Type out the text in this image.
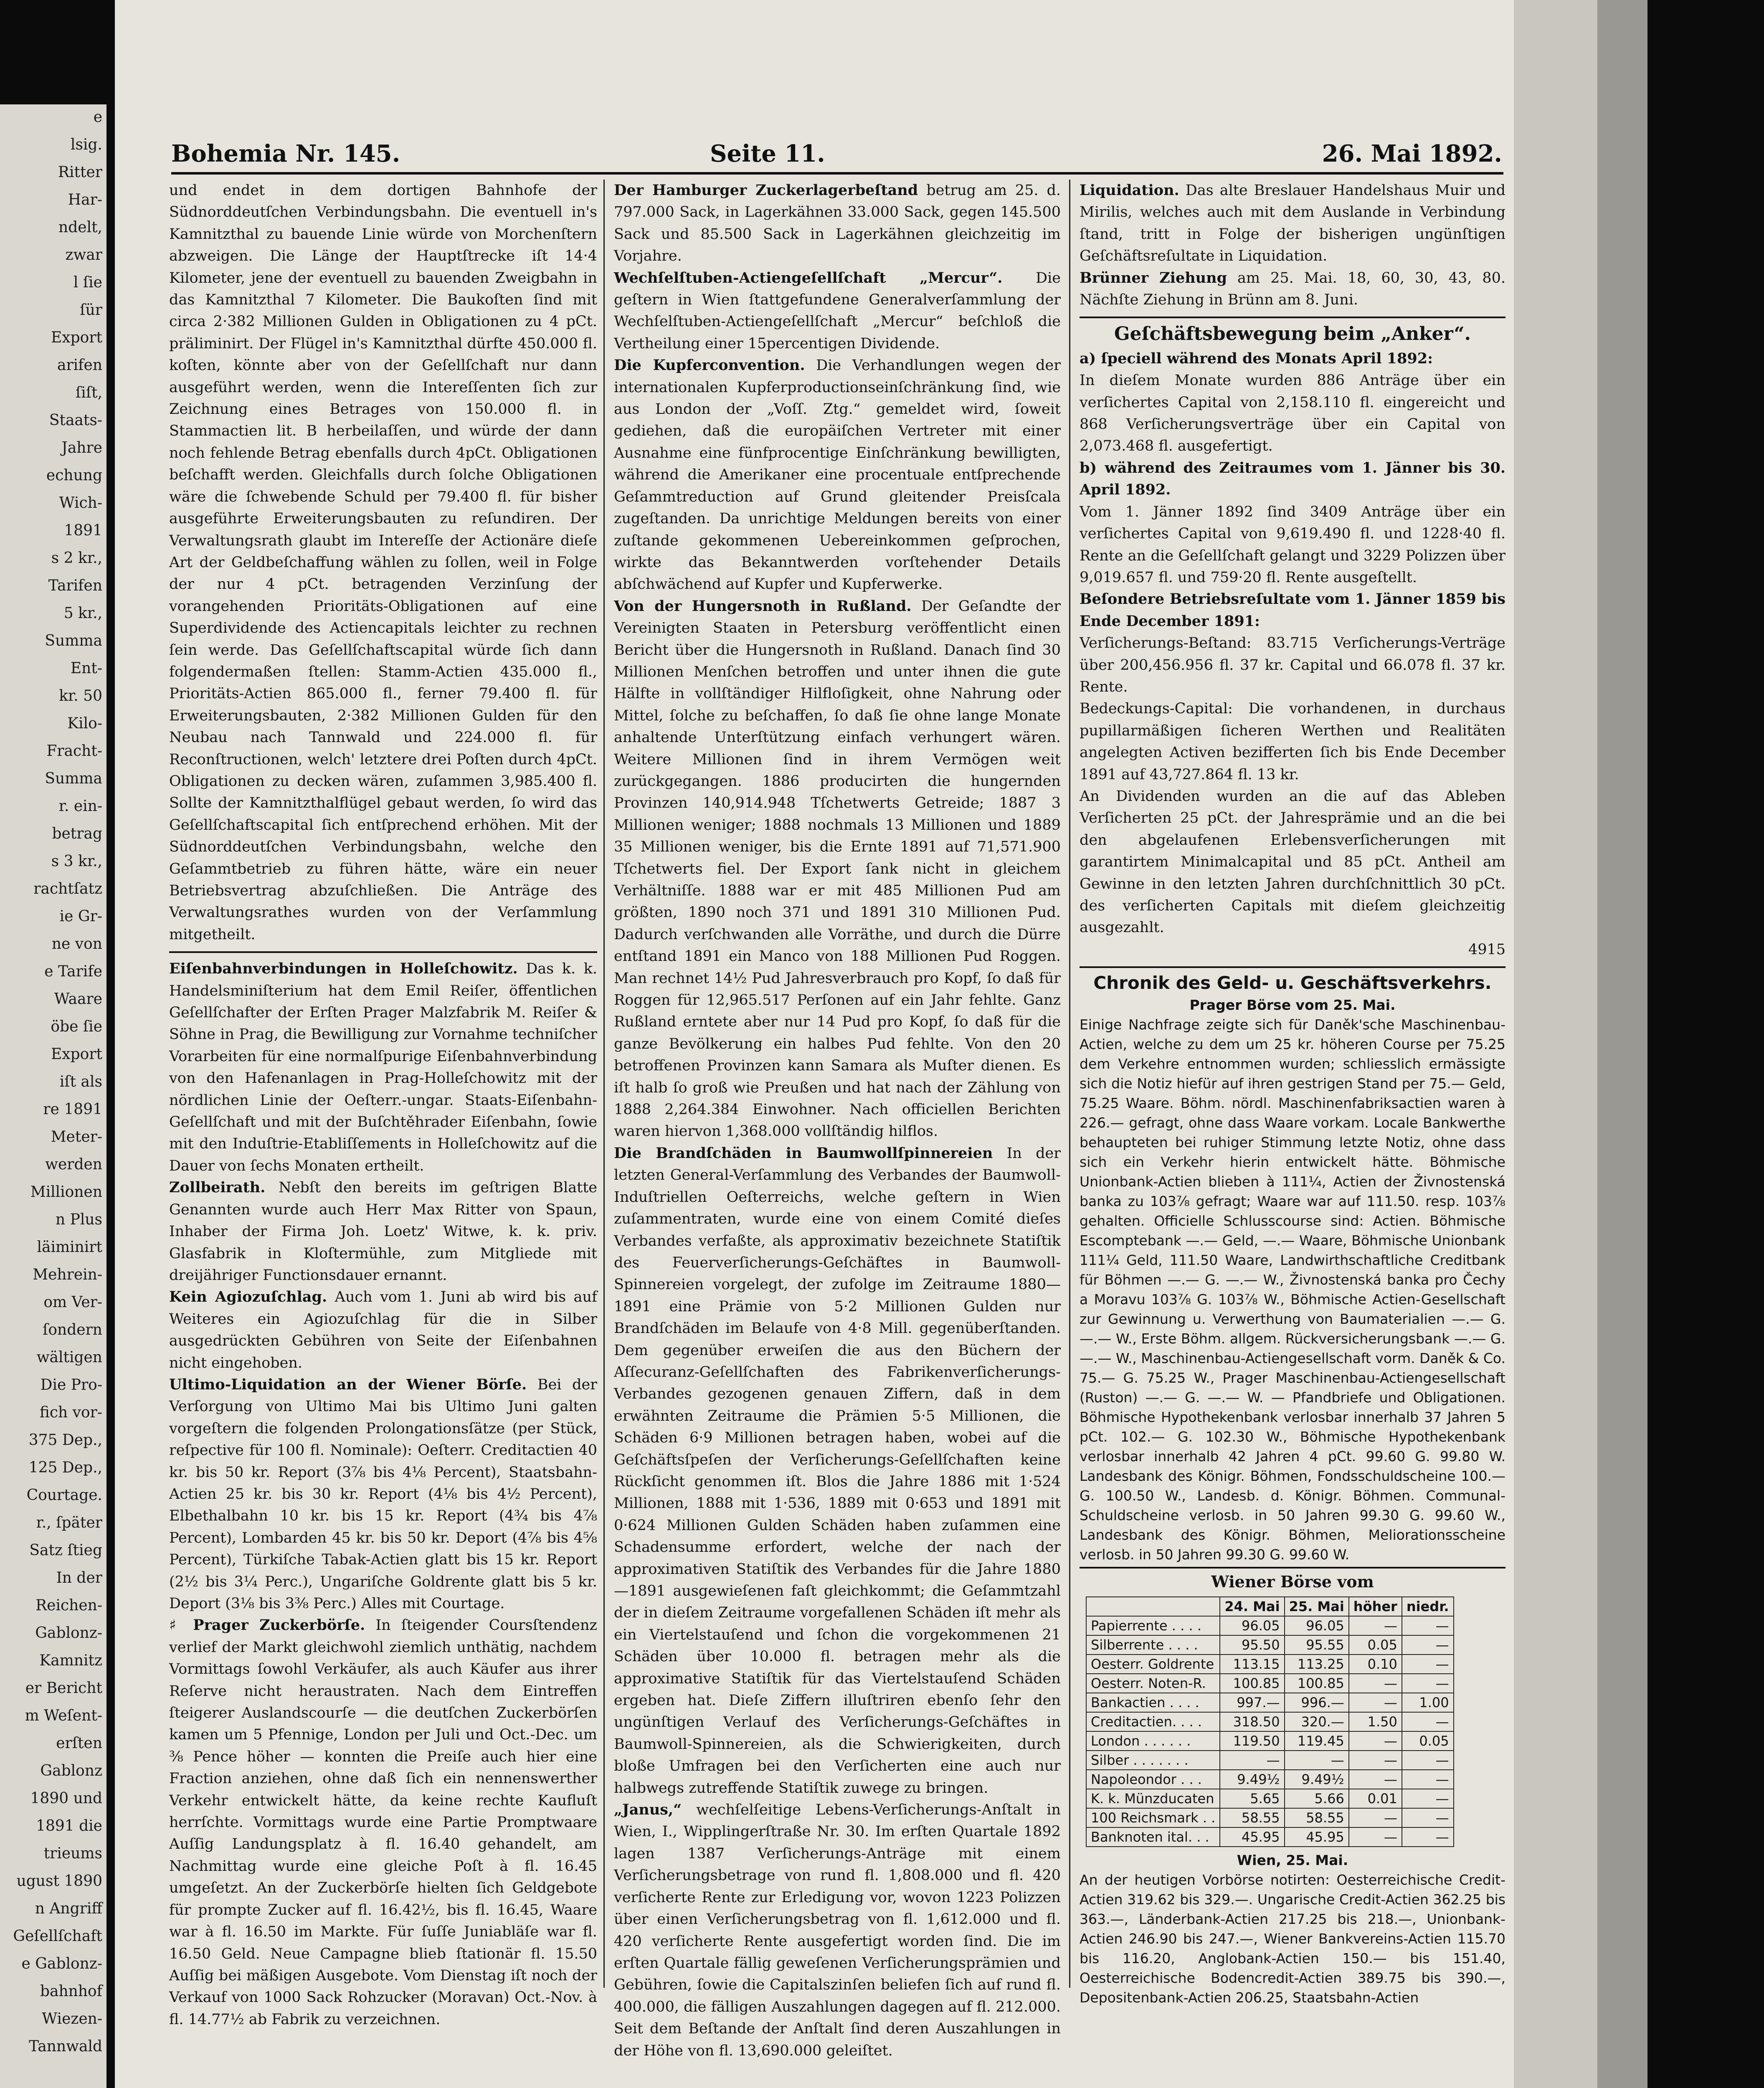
e
lsig.
Ritter
Har-
ndelt,
zwar
l ſie
ſür
Export
arifen
ſiſt,
Staats-
Jahre
echung
Wich-
1891
s 2 kr.,
Tarifen
5 kr.,
Summa
Ent-
kr. 50
Kilo-
Fracht-
Summa
r. ein-
betrag
s 3 kr.,
rachtſatz
ie Gr-
ne von
e Tarife
Waare
öbe ſie
Export
iſt als
re 1891
Meter-
werden
Millionen
n Plus
läiminirt
Mehrein-
om Ver-
ſondern
wältigen
Die Pro-
fich vor-
375 Dep.,
125 Dep.,
Courtage.
r., ſpäter
Satz ſtieg
In der
Reichen-
Gablonz-
Kamnitz
er Bericht
m Weſent-
erſten
Gablonz
1890 und
1891 die
trieums
ugust 1890
n Angriff
Geſellſchaft
e Gablonz-
bahnhof
Wiezen-
Tannwald
Bohemia Nr. 145.	Seite 11.	26. Mai 1892.

und endet in dem dortigen Bahnhofe der Südnorddeutſchen Verbindungsbahn. Die eventuell in's Kamnitzthal zu bauende Linie würde von Morchenſtern abzweigen. Die Länge der Hauptſtrecke iſt 14·4 Kilometer, jene der eventuell zu bauenden Zweigbahn in das Kamnitzthal 7 Kilometer. Die Baukoſten ſind mit circa 2·382 Millionen Gulden in Obligationen zu 4 pCt. präliminirt. Der Flügel in's Kamnitzthal dürfte 450.000 fl. koſten, könnte aber von der Geſellſchaft nur dann ausgeführt werden, wenn die Intereſſenten ſich zur Zeichnung eines Betrages von 150.000 fl. in Stammactien lit. B herbeilaſſen, und würde der dann noch fehlende Betrag ebenfalls durch 4pCt. Obligationen beſchafft werden. Gleichfalls durch ſolche Obligationen wäre die ſchwebende Schuld per 79.400 fl. für bisher ausgeführte Erweiterungsbauten zu reſundiren. Der Verwaltungsrath glaubt im Intereſſe der Actionäre dieſe Art der Geldbeſchaffung wählen zu ſollen, weil in Folge der nur 4 pCt. betragenden Verzinſung der vorangehenden Prioritäts-Obligationen auf eine Superdividende des Actiencapitals leichter zu rechnen ſein werde. Das Geſellſchaftscapital würde ſich dann folgendermaßen ſtellen: Stamm-Actien 435.000 fl., Prioritäts-Actien 865.000 fl., ferner 79.400 fl. für Erweiterungsbauten, 2·382 Millionen Gulden für den Neubau nach Tannwald und 224.000 fl. für Reconſtructionen, welch' letztere drei Poſten durch 4pCt. Obligationen zu decken wären, zuſammen 3,985.400 fl. Sollte der Kamnitzthalflügel gebaut werden, ſo wird das Geſellſchaftscapital ſich entſprechend erhöhen. Mit der Südnorddeutſchen Verbindungsbahn, welche den Geſammtbetrieb zu führen hätte, wäre ein neuer Betriebsvertrag abzuſchließen. Die Anträge des Verwaltungsrathes wurden von der Verſammlung mitgetheilt.

Eiſenbahnverbindungen in Holleſchowitz. Das k. k. Handelsminiſterium hat dem Emil Reiſer, öffentlichen Geſellſchafter der Erſten Prager Malzfabrik M. Reiſer & Söhne in Prag, die Bewilligung zur Vornahme techniſcher Vorarbeiten für eine normalſpurige Eiſenbahnverbindung von den Hafenanlagen in Prag-Holleſchowitz mit der nördlichen Linie der Oeſterr.-ungar. Staats-Eiſenbahn-Geſellſchaft und mit der Buſchtěhrader Eiſenbahn, ſowie mit den Induſtrie-Etabliſſements in Holleſchowitz auf die Dauer von ſechs Monaten ertheilt.

Zollbeirath. Nebſt den bereits im geſtrigen Blatte Genannten wurde auch Herr Max Ritter von Spaun, Inhaber der Firma Joh. Loetz' Witwe, k. k. priv. Glasfabrik in Kloſtermühle, zum Mitgliede mit dreijähriger Functionsdauer ernannt.

Kein Agiozuſchlag. Auch vom 1. Juni ab wird bis auf Weiteres ein Agiozuſchlag für die in Silber ausgedrückten Gebühren von Seite der Eiſenbahnen nicht eingehoben.

Ultimo-Liquidation an der Wiener Börſe. Bei der Verſorgung von Ultimo Mai bis Ultimo Juni galten vorgeſtern die folgenden Prolongationsſätze (per Stück, reſpective für 100 fl. Nominale): Oeſterr. Creditactien 40 kr. bis 50 kr. Report (3⅞ bis 4⅛ Percent), Staatsbahn-Actien 25 kr. bis 30 kr. Report (4⅛ bis 4½ Percent), Elbethalbahn 10 kr. bis 15 kr. Report (4¾ bis 4⅞ Percent), Lombarden 45 kr. bis 50 kr. Deport (4⅞ bis 4⅝ Percent), Türkiſche Tabak-Actien glatt bis 15 kr. Report (2½ bis 3¼ Perc.), Ungariſche Goldrente glatt bis 5 kr. Deport (3⅛ bis 3⅜ Perc.) Alles mit Courtage.

♯ Prager Zuckerbörſe. In ſteigender Coursſtendenz verlief der Markt gleichwohl ziemlich unthätig, nachdem Vormittags ſowohl Verkäufer, als auch Käufer aus ihrer Reſerve nicht heraustraten. Nach dem Eintreffen ſteigerer Auslandscourſe — die deutſchen Zuckerbörſen kamen um 5 Pfennige, London per Juli und Oct.-Dec. um ⅜ Pence höher — konnten die Preiſe auch hier eine Fraction anziehen, ohne daß ſich ein nennenswerther Verkehr entwickelt hätte, da keine rechte Kaufluſt herrſchte. Vormittags wurde eine Partie Promptwaare Auſſig Landungsplatz à fl. 16.40 gehandelt, am Nachmittag wurde eine gleiche Poſt à fl. 16.45 umgeſetzt. An der Zuckerbörſe hielten ſich Geldgebote für prompte Zucker auf fl. 16.42½, bis fl. 16.45, Waare war à fl. 16.50 im Markte. Für ſuſſe Juniabläſe war fl. 16.50 Geld. Neue Campagne blieb ſtationär fl. 15.50 Auſſig bei mäßigen Ausgebote. Vom Dienstag iſt noch der Verkauf von 1000 Sack Rohzucker (Moravan) Oct.-Nov. à fl. 14.77½ ab Fabrik zu verzeichnen.

Der Hamburger Zuckerlagerbeſtand betrug am 25. d. 797.000 Sack, in Lagerkähnen 33.000 Sack, gegen 145.500 Sack und 85.500 Sack in Lagerkähnen gleichzeitig im Vorjahre.

Wechſelſtuben-Actiengeſellſchaft „Mercur“. Die geſtern in Wien ſtattgefundene Generalverſammlung der Wechſelſtuben-Actiengeſellſchaft „Mercur“ beſchloß die Vertheilung einer 15percentigen Dividende.

Die Kupferconvention. Die Verhandlungen wegen der internationalen Kupferproductionseinſchränkung ſind, wie aus London der „Voſſ. Ztg.“ gemeldet wird, ſoweit gediehen, daß die europäiſchen Vertreter mit einer Ausnahme eine fünfprocentige Einſchränkung bewilligten, während die Amerikaner eine procentuale entſprechende Geſammtreduction auf Grund gleitender Preisſcala zugeſtanden. Da unrichtige Meldungen bereits von einer zuſtande gekommenen Uebereinkommen geſprochen, wirkte das Bekanntwerden vorſtehender Details abſchwächend auf Kupfer und Kupferwerke.

Von der Hungersnoth in Rußland. Der Geſandte der Vereinigten Staaten in Petersburg veröffentlicht einen Bericht über die Hungersnoth in Rußland. Danach ſind 30 Millionen Menſchen betroffen und unter ihnen die gute Hälfte in vollſtändiger Hilfloſigkeit, ohne Nahrung oder Mittel, ſolche zu beſchaffen, ſo daß ſie ohne lange Monate anhaltende Unterſtützung einfach verhungert wären. Weitere Millionen ſind in ihrem Vermögen weit zurückgegangen. 1886 producirten die hungernden Provinzen 140,914.948 Tſchetwerts Getreide; 1887 3 Millionen weniger; 1888 nochmals 13 Millionen und 1889 35 Millionen weniger, bis die Ernte 1891 auf 71,571.900 Tſchetwerts fiel. Der Export ſank nicht in gleichem Verhältniſſe. 1888 war er mit 485 Millionen Pud am größten, 1890 noch 371 und 1891 310 Millionen Pud. Dadurch verſchwanden alle Vorräthe, und durch die Dürre entſtand 1891 ein Manco von 188 Millionen Pud Roggen. Man rechnet 14½ Pud Jahresverbrauch pro Kopf, ſo daß für Roggen für 12,965.517 Perſonen auf ein Jahr fehlte. Ganz Rußland erntete aber nur 14 Pud pro Kopf, ſo daß für die ganze Bevölkerung ein halbes Pud fehlte. Von den 20 betroffenen Provinzen kann Samara als Muſter dienen. Es iſt halb ſo groß wie Preußen und hat nach der Zählung von 1888 2,264.384 Einwohner. Nach officiellen Berichten waren hiervon 1,368.000 vollſtändig hilflos.

Die Brandſchäden in Baumwollſpinnereien In der letzten General-Verſammlung des Verbandes der Baumwoll-Induſtriellen Oeſterreichs, welche geſtern in Wien zuſammentraten, wurde eine von einem Comité dieſes Verbandes verfaßte, als approximativ bezeichnete Statiſtik des Feuerverſicherungs-Geſchäftes in Baumwoll-Spinnereien vorgelegt, der zufolge im Zeitraume 1880—1891 eine Prämie von 5·2 Millionen Gulden nur Brandſchäden im Belaufe von 4·8 Mill. gegenüberſtanden. Dem gegenüber erweiſen die aus den Büchern der Aſſecuranz-Geſellſchaften des Fabrikenverſicherungs-Verbandes gezogenen genauen Ziffern, daß in dem erwähnten Zeitraume die Prämien 5·5 Millionen, die Schäden 6·9 Millionen betragen haben, wobei auf die Geſchäftsſpeſen der Verſicherungs-Geſellſchaften keine Rückſicht genommen iſt. Blos die Jahre 1886 mit 1·524 Millionen, 1888 mit 1·536, 1889 mit 0·653 und 1891 mit 0·624 Millionen Gulden Schäden haben zuſammen eine Schadensumme erfordert, welche der nach der approximativen Statiſtik des Verbandes für die Jahre 1880—1891 ausgewieſenen faſt gleichkommt; die Geſammtzahl der in dieſem Zeitraume vorgefallenen Schäden iſt mehr als ein Viertelstauſend und ſchon die vorgekommenen 21 Schäden über 10.000 fl. betragen mehr als die approximative Statiſtik für das Viertelstauſend Schäden ergeben hat. Dieſe Ziffern illuſtriren ebenſo ſehr den ungünſtigen Verlauf des Verſicherungs-Geſchäftes in Baumwoll-Spinnereien, als die Schwierigkeiten, durch bloße Umfragen bei den Verſicherten eine auch nur halbwegs zutreffende Statiſtik zuwege zu bringen.

„Janus,“ wechſelſeitige Lebens-Verſicherungs-Anſtalt in Wien, I., Wipplingerſtraße Nr. 30. Im erſten Quartale 1892 lagen 1387 Verſicherungs-Anträge mit einem Verſicherungsbetrage von rund fl. 1,808.000 und fl. 420 verſicherte Rente zur Erledigung vor, wovon 1223 Polizzen über einen Verſicherungsbetrag von fl. 1,612.000 und fl. 420 verſicherte Rente ausgefertigt worden ſind. Die im erſten Quartale fällig geweſenen Verſicherungsprämien und Gebühren, ſowie die Capitalszinſen beliefen ſich auf rund fl. 400.000, die fälligen Auszahlungen dagegen auf fl. 212.000. Seit dem Beſtande der Anſtalt ſind deren Auszahlungen in der Höhe von fl. 13,690.000 geleiſtet.

Liquidation. Das alte Breslauer Handelshaus Muir und Mirilis, welches auch mit dem Auslande in Verbindung ſtand, tritt in Folge der bisherigen ungünſtigen Geſchäftsreſultate in Liquidation.

Brünner Ziehung am 25. Mai. 18, 60, 30, 43, 80. Nächſte Ziehung in Brünn am 8. Juni.

Geſchäftsbewegung beim „Anker“.

a) ſpeciell während des Monats April 1892:

In dieſem Monate wurden 886 Anträge über ein verſichertes Capital von 2,158.110 fl. eingereicht und 868 Verſicherungsverträge über ein Capital von 2,073.468 fl. ausgefertigt.

b) während des Zeitraumes vom 1. Jänner bis 30. April 1892.

Vom 1. Jänner 1892 ſind 3409 Anträge über ein verſichertes Capital von 9,619.490 fl. und 1228·40 fl. Rente an die Geſellſchaft gelangt und 3229 Polizzen über 9,019.657 fl. und 759·20 fl. Rente ausgeſtellt.

Beſondere Betriebsreſultate vom 1. Jänner 1859 bis Ende December 1891:

Verſicherungs-Beſtand: 83.715 Verſicherungs-Verträge über 200,456.956 fl. 37 kr. Capital und 66.078 fl. 37 kr. Rente.

Bedeckungs-Capital: Die vorhandenen, in durchaus pupillarmäßigen ſicheren Werthen und Realitäten angelegten Activen bezifferten ſich bis Ende December 1891 auf 43,727.864 fl. 13 kr.

An Dividenden wurden an die auf das Ableben Verſicherten 25 pCt. der Jahresprämie und an die bei den abgelaufenen Erlebensverſicherungen mit garantirtem Minimalcapital und 85 pCt. Antheil am Gewinne in den letzten Jahren durchſchnittlich 30 pCt. des verſicherten Capitals mit dieſem gleichzeitig ausgezahlt.

4915

Chronik des Geld- u. Geschäftsverkehrs.
Prager Börse vom 25. Mai.

Einige Nachfrage zeigte sich für Daněk'sche Maschinenbau-Actien, welche zu dem um 25 kr. höheren Course per 75.25 dem Verkehre entnommen wurden; schliesslich ermässigte sich die Notiz hiefür auf ihren gestrigen Stand per 75.— Geld, 75.25 Waare. Böhm. nördl. Maschinenfabriksactien waren à 226.— gefragt, ohne dass Waare vorkam. Locale Bankwerthe behaupteten bei ruhiger Stimmung letzte Notiz, ohne dass sich ein Verkehr hierin entwickelt hätte. Böhmische Unionbank-Actien blieben à 111¼, Actien der Živnostenská banka zu 103⅞ gefragt; Waare war auf 111.50. resp. 103⅞ gehalten. Officielle Schlusscourse sind: Actien. Böhmische Escomptebank —.— Geld, —.— Waare, Böhmische Unionbank 111¼ Geld, 111.50 Waare, Landwirthschaftliche Creditbank für Böhmen —.— G. —.— W., Živnostenská banka pro Čechy a Moravu 103⅞ G. 103⅞ W., Böhmische Actien-Gesellschaft zur Gewinnung u. Verwerthung von Baumaterialien —.— G. —.— W., Erste Böhm. allgem. Rückversicherungsbank —.— G. —.— W., Maschinenbau-Actiengesellschaft vorm. Daněk & Co. 75.— G. 75.25 W., Prager Maschinenbau-Actiengesellschaft (Ruston) —.— G. —.— W. — Pfandbriefe und Obligationen. Böhmische Hypothekenbank verlosbar innerhalb 37 Jahren 5 pCt. 102.— G. 102.30 W., Böhmische Hypothekenbank verlosbar innerhalb 42 Jahren 4 pCt. 99.60 G. 99.80 W. Landesbank des Königr. Böhmen, Fondsschuldscheine 100.— G. 100.50 W., Landesb. d. Königr. Böhmen. Communal-Schuldscheine verlosb. in 50 Jahren 99.30 G. 99.60 W., Landesbank des Königr. Böhmen, Meliorationsscheine verlosb. in 50 Jahren 99.30 G. 99.60 W.

Wiener Börse vom
	24. Mai	25. Mai	höher	niedr.
Papierrente . . . .	96.05	96.05	—	—
Silberrente . . . .	95.50	95.55	0.05	—
Oesterr. Goldrente	113.15	113.25	0.10	—
Oesterr. Noten-R.	100.85	100.85	—	—
Bankactien . . . .	997.—	996.—	—	1.00
Creditactien. . . .	318.50	320.—	1.50	—
London . . . . . .	119.50	119.45	—	0.05
Silber . . . . . . .	—	—	—	—
Napoleondor . . .	9.49½	9.49½	—	—
K. k. Münzducaten	5.65	5.66	0.01	—
100 Reichsmark . .	58.55	58.55	—	—
Banknoten ital. . .	45.95	45.95	—	—
Wien, 25. Mai.

An der heutigen Vorbörse notirten: Oesterreichische Credit-Actien 319.62 bis 329.—. Ungarische Credit-Actien 362.25 bis 363.—, Länderbank-Actien 217.25 bis 218.—, Unionbank-Actien 246.90 bis 247.—, Wiener Bankvereins-Actien 115.70 bis 116.20, Anglobank-Actien 150.— bis 151.40, Oesterreichische Bodencredit-Actien 389.75 bis 390.—, Depositenbank-Actien 206.25, Staatsbahn-Actien
